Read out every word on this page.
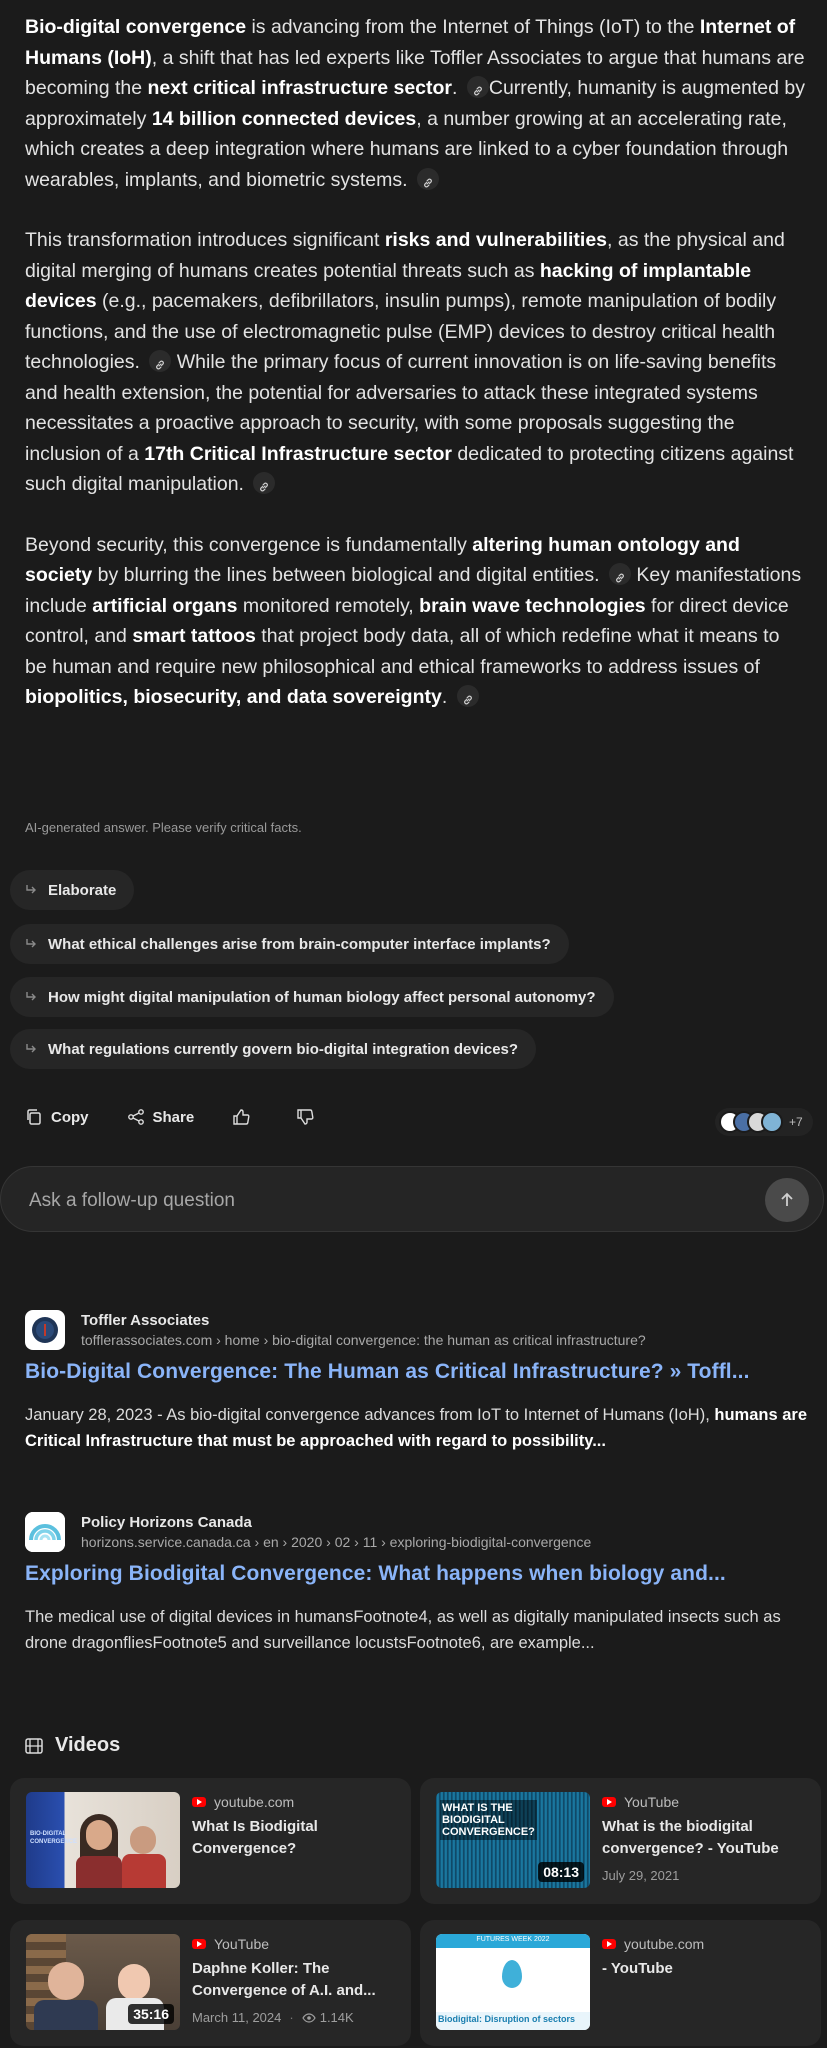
Bio-digital convergence is advancing from the Internet of Things (IoT) to the Internet of Humans (IoH), a shift that has led experts like Toffler Associates to argue that humans are becoming the next critical infrastructure sector. Currently, humanity is augmented by approximately 14 billion connected devices, a number growing at an accelerating rate, which creates a deep integration where humans are linked to a cyber foundation through wearables, implants, and biometric systems.

This transformation introduces significant risks and vulnerabilities, as the physical and digital merging of humans creates potential threats such as hacking of implantable devices (e.g., pacemakers, defibrillators, insulin pumps), remote manipulation of bodily functions, and the use of electromagnetic pulse (EMP) devices to destroy critical health technologies.  While the primary focus of current innovation is on life-saving benefits and health extension, the potential for adversaries to attack these integrated systems necessitates a proactive approach to security, with some proposals suggesting the inclusion of a 17th Critical Infrastructure sector dedicated to protecting citizens against such digital manipulation.

Beyond security, this convergence is fundamentally altering human ontology and society by blurring the lines between biological and digital entities.  Key manifestations include artificial organs monitored remotely, brain wave technologies for direct device control, and smart tattoos that project body data, all of which redefine what it means to be human and require new philosophical and ethical frameworks to address issues of biopolitics, biosecurity, and data sovereignty.

AI-generated answer. Please verify critical facts.
Elaborate
What ethical challenges arise from brain-computer interface implants?
How might digital manipulation of human biology affect personal autonomy?
What regulations currently govern bio-digital integration devices?
Copy	Share	+7
Ask a follow-up question
Toffler Associates
tofflerassociates.com › home › bio-digital convergence: the human as critical infrastructure?
Bio-Digital Convergence: The Human as Critical Infrastructure? » Toffl...
January 28, 2023 - As bio-digital convergence advances from IoT to Internet of Humans (IoH), humans are Critical Infrastructure that must be approached with regard to possibility...
Policy Horizons Canada
horizons.service.canada.ca › en › 2020 › 02 › 11 › exploring-biodigital-convergence
Exploring Biodigital Convergence: What happens when biology and...
The medical use of digital devices in humansFootnote4, as well as digitally manipulated insects such as drone dragonfliesFootnote5 and surveillance locustsFootnote6, are example...
Videos
BIO-DIGITAL
CONVERGENCE
youtube.com
What Is Biodigital Convergence?
WHAT IS THE
BIODIGITAL
CONVERGENCE?
08:13
YouTube
What is the biodigital convergence? - YouTube
July 29, 2021
35:16
YouTube
Daphne Koller: The Convergence of A.I. and...
March 11, 2024 · 1.14K
FUTURES WEEK 2022
Biodigital: Disruption of sectors
youtube.com
- YouTube
